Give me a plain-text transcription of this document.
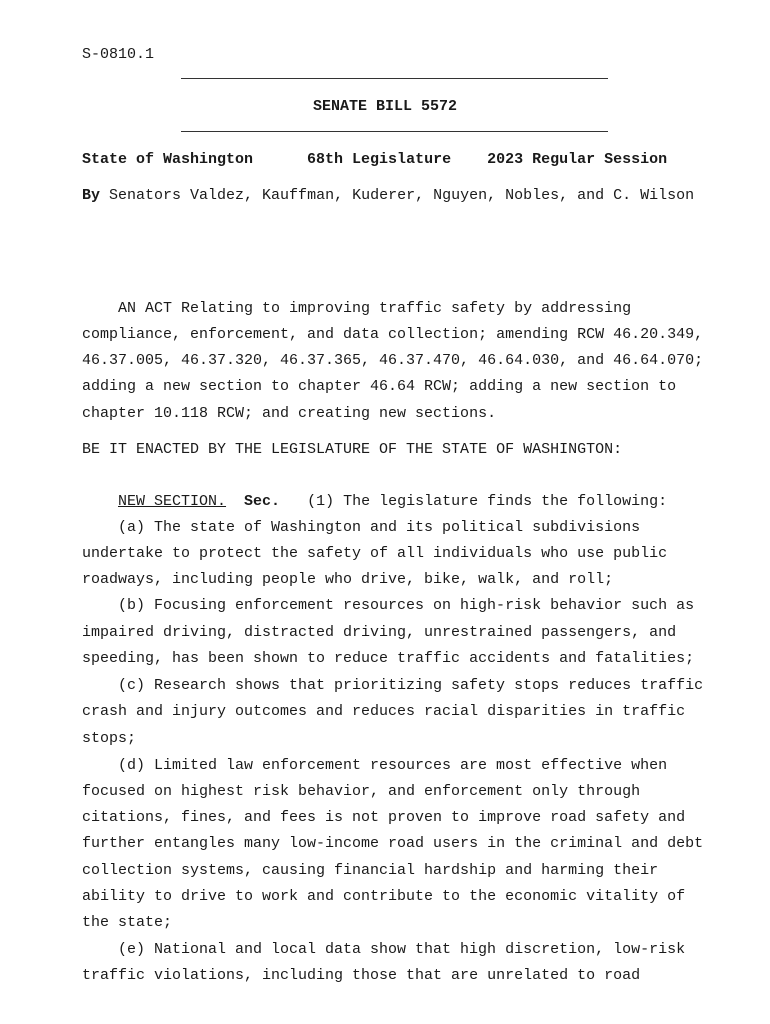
S-0810.1
SENATE BILL 5572
State of Washington	68th Legislature 2023 Regular Session
By Senators Valdez, Kauffman, Kuderer, Nguyen, Nobles, and C. Wilson
AN ACT Relating to improving traffic safety by addressing
compliance, enforcement, and data collection; amending RCW 46.20.349,
46.37.005, 46.37.320, 46.37.365, 46.37.470, 46.64.030, and 46.64.070;
adding a new section to chapter 46.64 RCW; adding a new section to
chapter 10.118 RCW; and creating new sections.
BE IT ENACTED BY THE LEGISLATURE OF THE STATE OF WASHINGTON:
NEW SECTION. Sec. (1) The legislature finds the following:
(a) The state of Washington and its political subdivisions
undertake to protect the safety of all individuals who use public
roadways, including people who drive, bike, walk, and roll;
(b) Focusing enforcement resources on high-risk behavior such as
impaired driving, distracted driving, unrestrained passengers, and
speeding, has been shown to reduce traffic accidents and fatalities;
(c) Research shows that prioritizing safety stops reduces traffic
crash and injury outcomes and reduces racial disparities in traffic
stops;
(d) Limited law enforcement resources are most effective when
focused on highest risk behavior, and enforcement only through
citations, fines, and fees is not proven to improve road safety and
further entangles many low-income road users in the criminal and debt
collection systems, causing financial hardship and harming their
ability to drive to work and contribute to the economic vitality of
the state;
(e) National and local data show that high discretion, low-risk
traffic violations, including those that are unrelated to road
